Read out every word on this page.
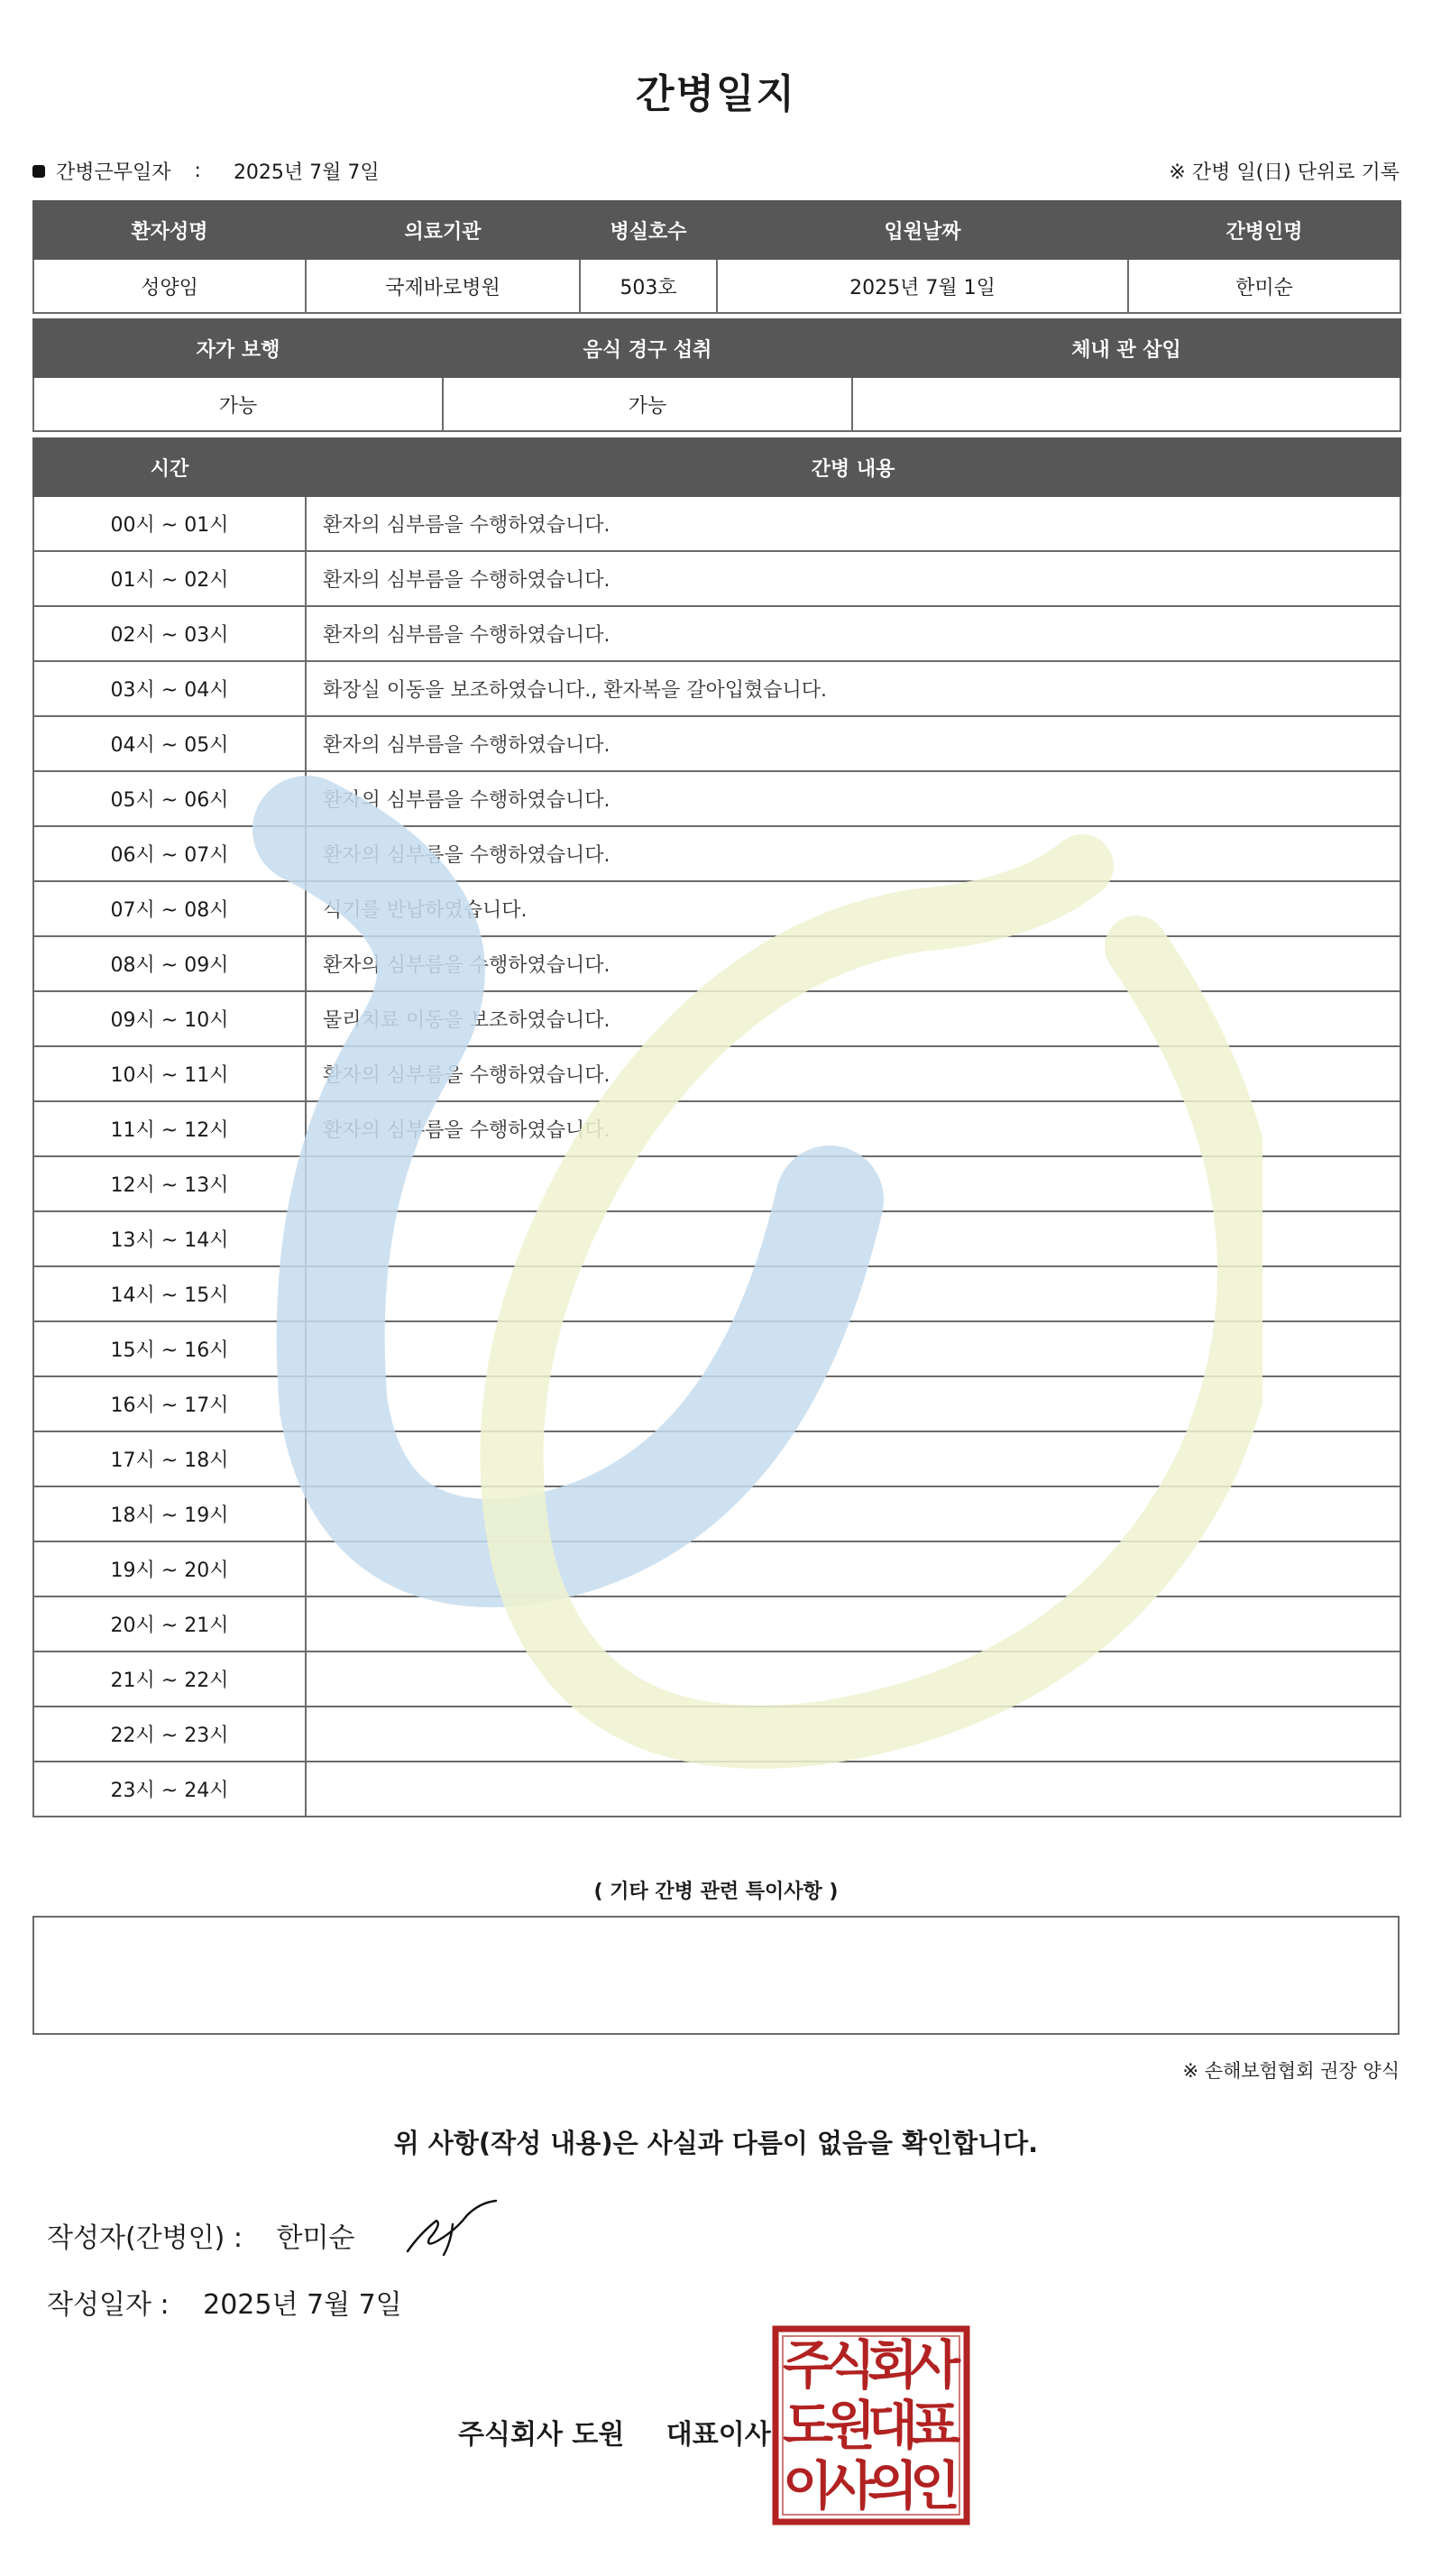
간병일지
간병근무일자 : 2025년 7월 7일	※ 간병 일(日) 단위로 기록
환자성명	의료기관	병실호수	입원날짜	간병인명
성양임	국제바로병원	503호	2025년 7월 1일	한미순
자가 보행	음식 경구 섭취	체내 관 삽입
가능	가능	
시간	간병 내용
00시 ~ 01시	환자의 심부름을 수행하였습니다.
01시 ~ 02시	환자의 심부름을 수행하였습니다.
02시 ~ 03시	환자의 심부름을 수행하였습니다.
03시 ~ 04시	화장실 이동을 보조하였습니다., 환자복을 갈아입혔습니다.
04시 ~ 05시	환자의 심부름을 수행하였습니다.
05시 ~ 06시	환자의 심부름을 수행하였습니다.
06시 ~ 07시	환자의 심부름을 수행하였습니다.
07시 ~ 08시	식기를 반납하였습니다.
08시 ~ 09시	환자의 심부름을 수행하였습니다.
09시 ~ 10시	물리치료 이동을 보조하였습니다.
10시 ~ 11시	환자의 심부름을 수행하였습니다.
11시 ~ 12시	환자의 심부름을 수행하였습니다.
12시 ~ 13시	
13시 ~ 14시	
14시 ~ 15시	
15시 ~ 16시	
16시 ~ 17시	
17시 ~ 18시	
18시 ~ 19시	
19시 ~ 20시	
20시 ~ 21시	
21시 ~ 22시	
22시 ~ 23시	
23시 ~ 24시	
( 기타 간병 관련 특이사항 )
※ 손해보험협회 권장 양식
위 사항(작성 내용)은 사실과 다름이 없음을 확인합니다.
작성자(간병인) : 한미순
작성일자 : 2025년 7월 7일
주식회사 도원 대표이사
주
식
회
사
도
원
대
표
이
사
의
인
